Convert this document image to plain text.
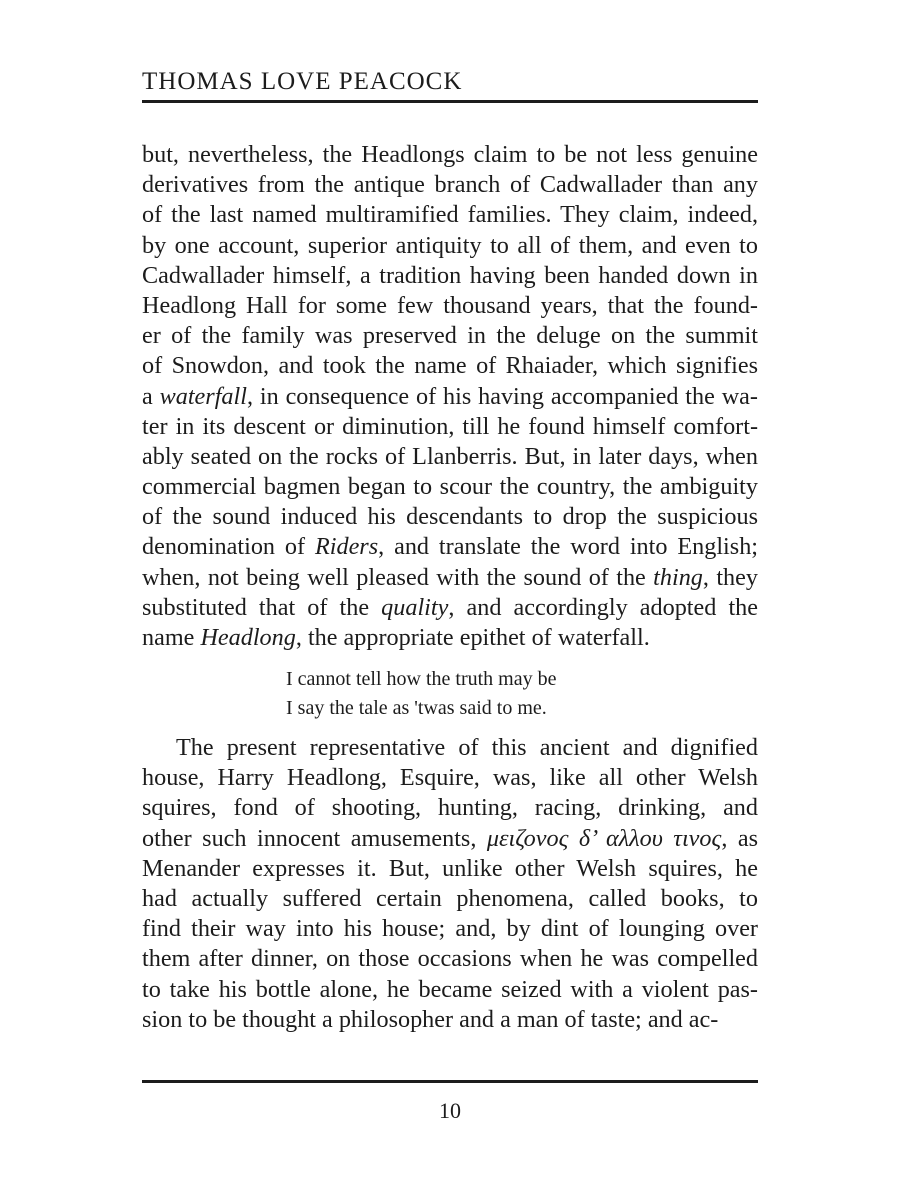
THOMAS LOVE PEACOCK
but, nevertheless, the Headlongs claim to be not less genuine
derivatives from the antique branch of Cadwallader than any
of the last named multiramified families. They claim, indeed,
by one account, superior antiquity to all of them, and even to
Cadwallader himself, a tradition having been handed down in
Headlong Hall for some few thousand years, that the found-
er of the family was preserved in the deluge on the summit
of Snowdon, and took the name of Rhaiader, which signifies
a waterfall, in consequence of his having accompanied the wa-
ter in its descent or diminution, till he found himself comfort-
ably seated on the rocks of Llanberris. But, in later days, when
commercial bagmen began to scour the country, the ambiguity
of the sound induced his descendants to drop the suspicious
denomination of Riders, and translate the word into English;
when, not being well pleased with the sound of the thing, they
substituted that of the quality, and accordingly adopted the
name Headlong, the appropriate epithet of waterfall.
I cannot tell how the truth may be
I say the tale as 'twas said to me.
The present representative of this ancient and dignified
house, Harry Headlong, Esquire, was, like all other Welsh
squires, fond of shooting, hunting, racing, drinking, and
other such innocent amusements, μειζονος δ’ αλλου τινος, as
Menander expresses it. But, unlike other Welsh squires, he
had actually suffered certain phenomena, called books, to
find their way into his house; and, by dint of lounging over
them after dinner, on those occasions when he was compelled
to take his bottle alone, he became seized with a violent pas-
sion to be thought a philosopher and a man of taste; and ac-
10
